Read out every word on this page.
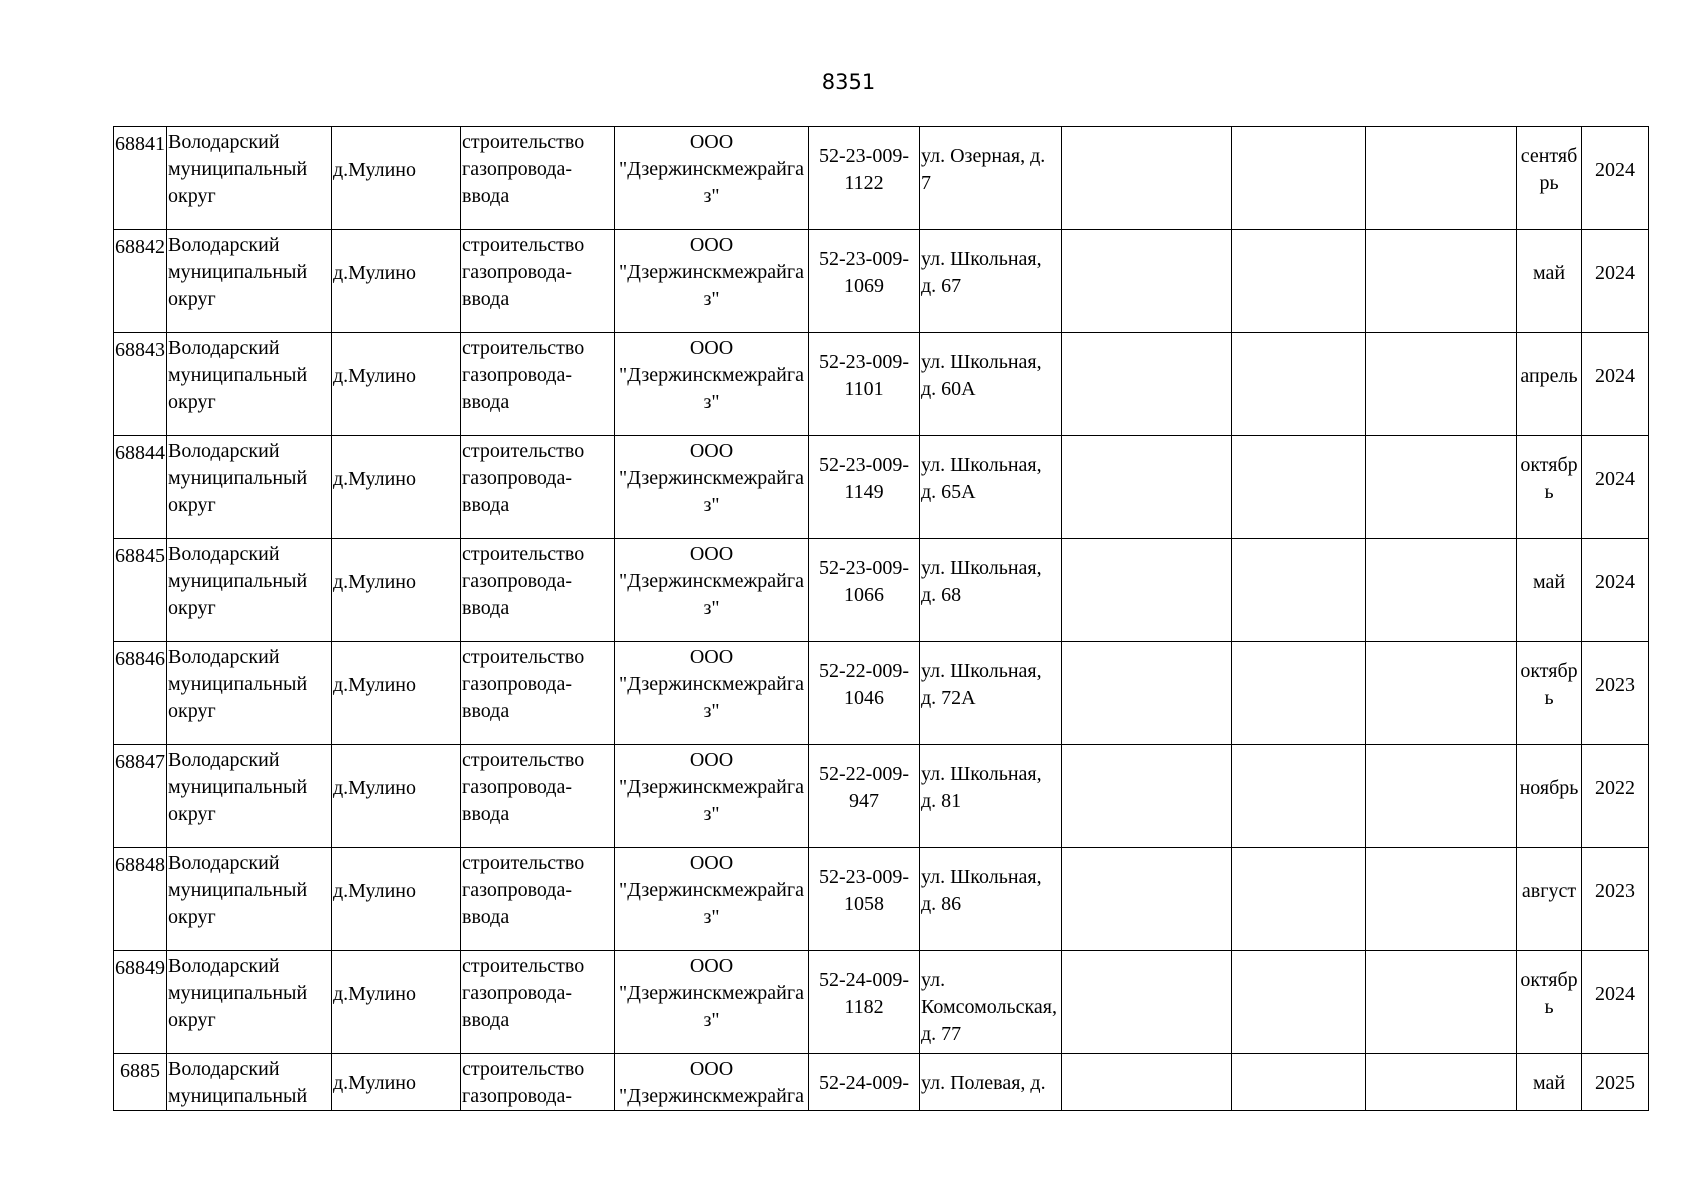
8351
68841	Володарский муниципальный округ	д.Мулино	строительство газопровода-ввода	ООО "Дзержинскмежрайгаз"	52-23-009-1122	ул. Озерная, д. 7				сентябрь	2024
68842	Володарский муниципальный округ	д.Мулино	строительство газопровода-ввода	ООО "Дзержинскмежрайгаз"	52-23-009-1069	ул. Школьная, д. 67				май	2024
68843	Володарский муниципальный округ	д.Мулино	строительство газопровода-ввода	ООО "Дзержинскмежрайгаз"	52-23-009-1101	ул. Школьная, д. 60А				апрель	2024
68844	Володарский муниципальный округ	д.Мулино	строительство газопровода-ввода	ООО "Дзержинскмежрайгаз"	52-23-009-1149	ул. Школьная, д. 65А				октябрь	2024
68845	Володарский муниципальный округ	д.Мулино	строительство газопровода-ввода	ООО "Дзержинскмежрайгаз"	52-23-009-1066	ул. Школьная, д. 68				май	2024
68846	Володарский муниципальный округ	д.Мулино	строительство газопровода-ввода	ООО "Дзержинскмежрайгаз"	52-22-009-1046	ул. Школьная, д. 72А				октябрь	2023
68847	Володарский муниципальный округ	д.Мулино	строительство газопровода-ввода	ООО "Дзержинскмежрайгаз"	52-22-009-947	ул. Школьная, д. 81				ноябрь	2022
68848	Володарский муниципальный округ	д.Мулино	строительство газопровода-ввода	ООО "Дзержинскмежрайгаз"	52-23-009-1058	ул. Школьная, д. 86				август	2023
68849	Володарский муниципальный округ	д.Мулино	строительство газопровода-ввода	ООО "Дзержинскмежрайгаз"	52-24-009-1182	ул. Комсомольская, д. 77				октябрь	2024
6885	Володарский муниципальный	д.Мулино	строительство газопровода-	ООО "Дзержинскмежрайга	52-24-009-	ул. Полевая, д.				май	2025
